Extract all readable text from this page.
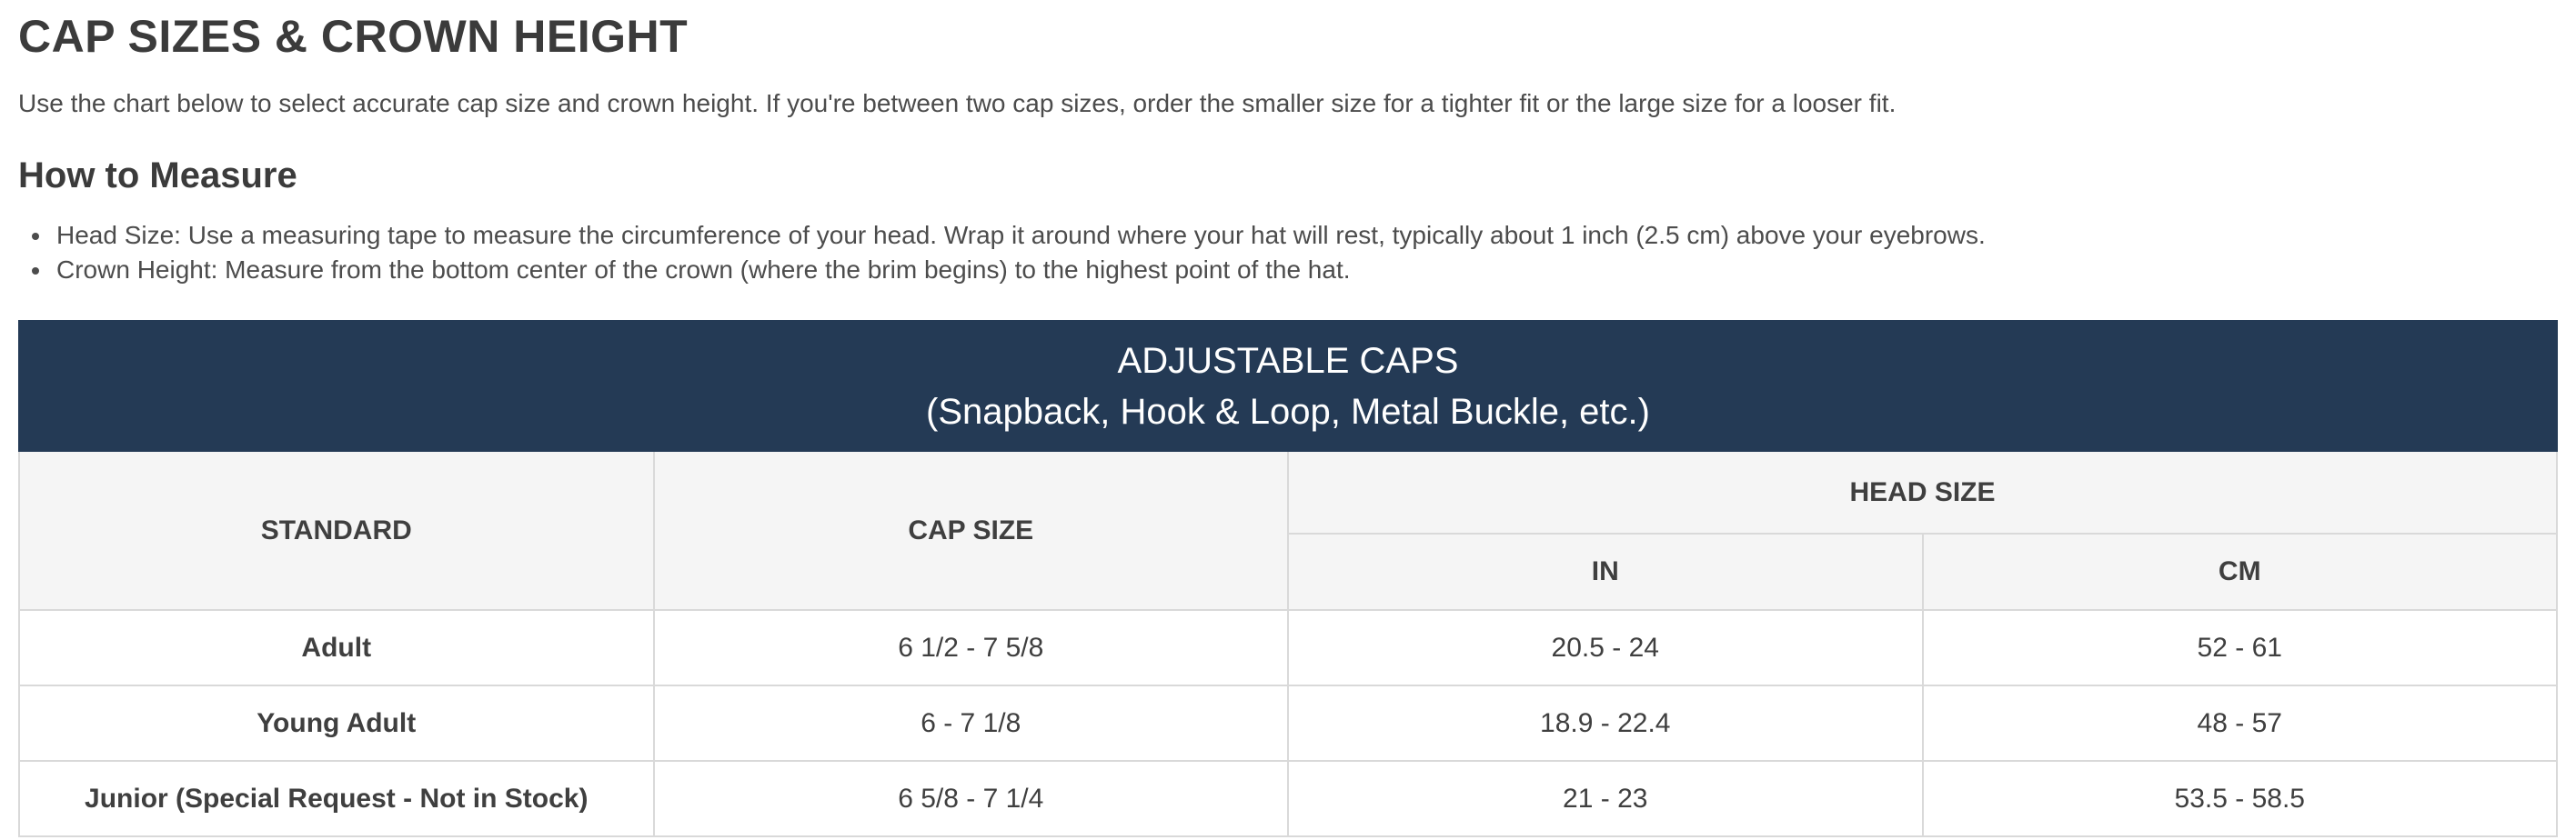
CAP SIZES & CROWN HEIGHT

Use the chart below to select accurate cap size and crown height. If you're between two cap sizes, order the smaller size for a tighter fit or the large size for a looser fit.

How to Measure
• Head Size: Use a measuring tape to measure the circumference of your head. Wrap it around where your hat will rest, typically about 1 inch (2.5 cm) above your eyebrows.
• Crown Height: Measure from the bottom center of the crown (where the brim begins) to the highest point of the hat.
ADJUSTABLE CAPS
(Snapback, Hook & Loop, Metal Buckle, etc.)			

STANDARD	CAP SIZE	HEAD SIZE	
		IN	CM
Adult	6 1/2 - 7 5/8	20.5 - 24	52 - 61
Young Adult	6 - 7 1/8	18.9 - 22.4	48 - 57
Junior (Special Request - Not in Stock)	6 5/8 - 7 1/4	21 - 23	53.5 - 58.5
